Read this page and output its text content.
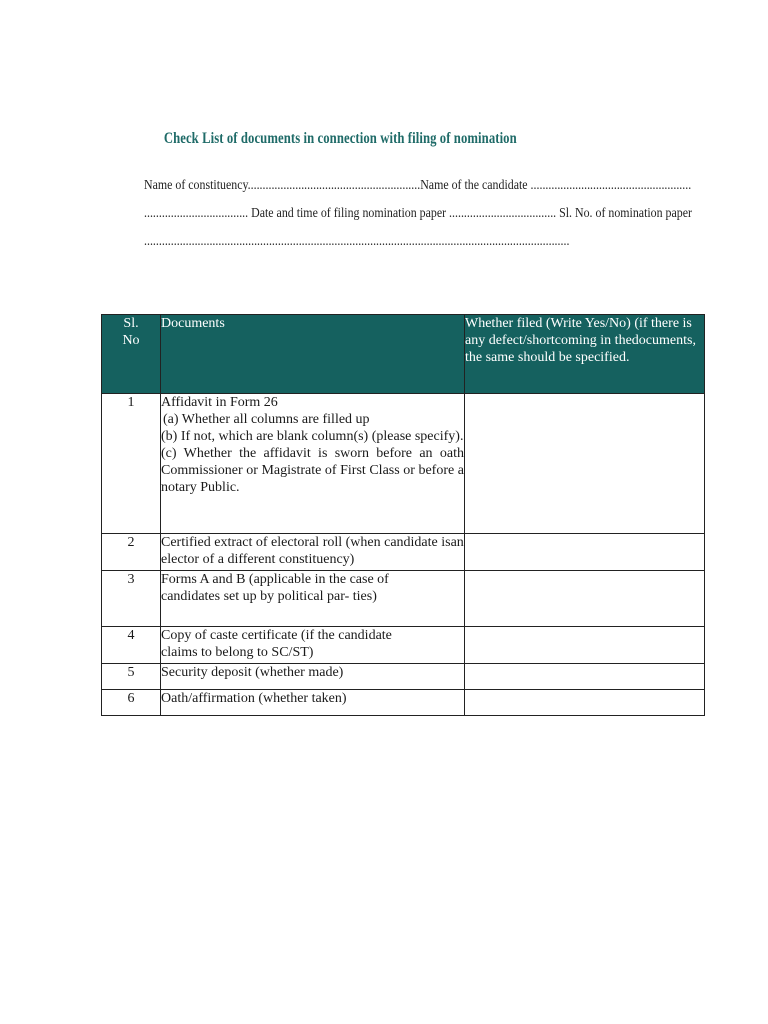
Check List of documents in connection with filing of nomination
Name of constituency..........................................................Name of the candidate ......................................................
................................... Date and time of filing nomination paper .................................... Sl. No. of nomination paper
...............................................................................................................................................
Sl.
No	Documents	Whether filed (Write Yes/No) (if there is any defect/shortcoming in thedocuments, the same should be specified.
1	Affidavit in Form 26
(a) Whether all columns are filled up
(b) If not, which are blank column(s) (please specify).
(c) Whether the affidavit is sworn before an oath Commissioner or Magistrate of First Class or before a notary Public.	

2	Certified extract of electoral roll (when candidate isan elector of a different constituency)	
3	Forms A and B (applicable in the case of candidates set up by political par- ties)	

4	Copy of caste certificate (if the candidate claims to belong to SC/ST)	

5	Security deposit (whether made)	
6	Oath/affirmation (whether taken)	
